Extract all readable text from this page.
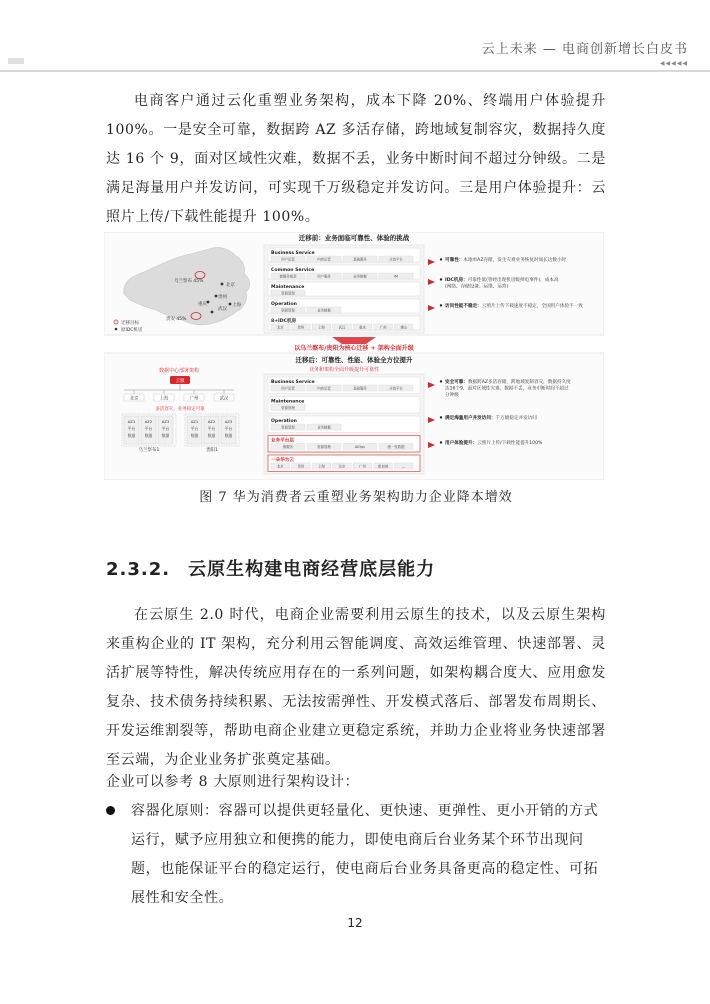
云上未来 — 电商创新增长白皮书
◀◀◀◀◀
电商客户通过云化重塑业务架构，成本下降 20%、终端用户体验提升 100%。一是安全可靠，数据跨 AZ 多活存储，跨地域复制容灾，数据持久度达 16 个 9，面对区域性灾难，数据不丢，业务中断时间不超过分钟级。二是满足海量用户并发访问，可实现千万级稳定并发访问。三是用户体验提升：云照片上传/下载性能提升 100%。
迁移前：业务面临可靠性、体验的挑战
乌兰察布 45%
北京
贵州
重庆
武汉
上海
贵安 45%
迁移目标
原IDC机房
Business Service
用户运营	内容运营	基础服务	开放平台
Common Service
微服务框架	用户服务	业务数据	IM
Maintenance
资源管理
Operation
资源管理	业务数据
8+IDC机房
北京	贵州	上海	武汉	重庆	广州	佛山
可靠性：本地单AZ存储，发生灾难业务恢复时间长达数小时
IDC机房：可靠性低(曾经出现机房级掉电事件)，成本高
(网络、存储设备、运维、运营)
访问性能不稳定：云照片上传下载速度不稳定，全国用户体验不一致
以乌兰察布/贵阳为核心迁移 + 架构全面升级
迁移后：可靠性、性能、体验全方位提升
数据中心部署架构
云服
北京	上海	广州	武汉
多活容灾，业务稳定可靠
AZ1
平台
数据
AZ2
平台
数据
AZ3
平台
数据
AZ1
平台
数据
AZ2
平台
数据
AZ3
平台
数据
乌兰察布1	贵阳1
业务和架构全面升级提升可靠性
Business Service
用户运营	内容运营	基础服务	开放平台
Maintenance
资源管理
Operation
资源管理	业务数据
业务平台层
微服务	资源管理	AIOps	统一发数据
一朵华为云
北京	贵州	上海	北京	广州	新加坡	...
安全可靠：数据跨AZ多活存储，跨地域复制容灾，数据持久度
达16个9，面对区域性灾难，数据不丢，业务中断时间不超过
分钟级
满足海量用户并发访问：千万级稳定并发访问
用户体验提升：云照片上传/下载性能提升100%
图 7 华为消费者云重塑业务架构助力企业降本增效
2.3.2. 云原生构建电商经营底层能力
在云原生 2.0 时代，电商企业需要利用云原生的技术，以及云原生架构来重构企业的 IT 架构，充分利用云智能调度、高效运维管理、快速部署、灵活扩展等特性，解决传统应用存在的一系列问题，如架构耦合度大、应用愈发复杂、技术债务持续积累、无法按需弹性、开发模式落后、部署发布周期长、开发运维割裂等，帮助电商企业建立更稳定系统，并助力企业将业务快速部署至云端，为企业业务扩张奠定基础。
企业可以参考 8 大原则进行架构设计：
容器化原则：容器可以提供更轻量化、更快速、更弹性、更小开销的方式运行，赋予应用独立和便携的能力，即使电商后台业务某个环节出现问题，也能保证平台的稳定运行，使电商后台业务具备更高的稳定性、可拓展性和安全性。
12
